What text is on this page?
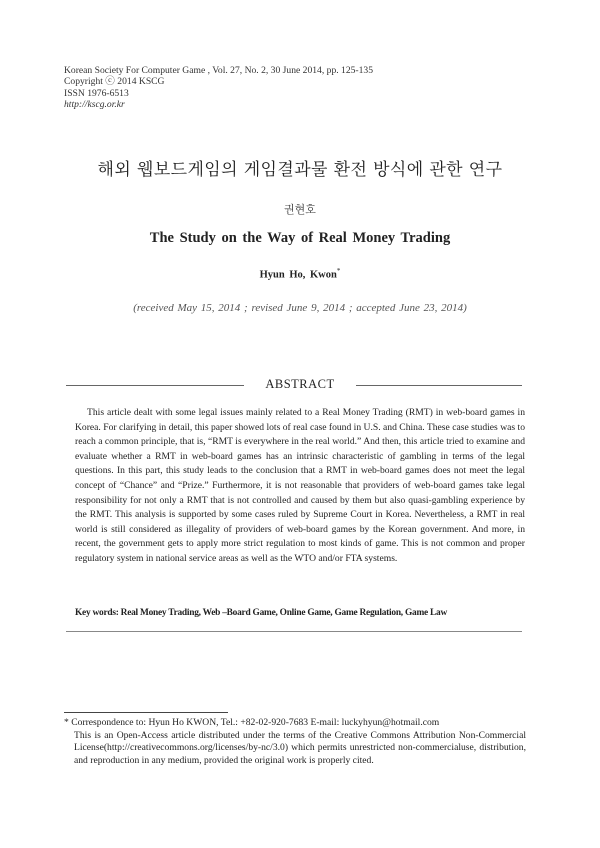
Korean Society For Computer Game , Vol. 27, No. 2, 30 June 2014, pp. 125-135
Copyright ⓒ 2014 KSCG
ISSN 1976-6513
http://kscg.or.kr
해외 웹보드게임의 게임결과물 환전 방식에 관한 연구
권현호
The Study on the Way of Real Money Trading
Hyun Ho, Kwon*
(received May 15, 2014 ; revised June 9, 2014 ; accepted June 23, 2014)
ABSTRACT

This article dealt with some legal issues mainly related to a Real Money Trading (RMT) in web-board games in Korea. For clarifying in detail, this paper showed lots of real case found in U.S. and China. These case studies was to reach a common principle, that is, “RMT is everywhere in the real world.” And then, this article tried to examine and evaluate whether a RMT in web-board games has an intrinsic characteristic of gambling in terms of the legal questions. In this part, this study leads to the conclusion that a RMT in web-board games does not meet the legal concept of “Chance” and “Prize.” Furthermore, it is not reasonable that providers of web-board games take legal responsibility for not only a RMT that is not controlled and caused by them but also quasi-gambling experience by the RMT. This analysis is supported by some cases ruled by Supreme Court in Korea. Nevertheless, a RMT in real world is still considered as illegality of providers of web-board games by the Korean government. And more, in recent, the government gets to apply more strict regulation to most kinds of game. This is not common and proper regulatory system in national service areas as well as the WTO and/or FTA systems.

Key words: Real Money Trading, Web –Board Game, Online Game, Game Regulation, Game Law
* Correspondence to: Hyun Ho KWON, Tel.: +82-02-920-7683 E-mail: luckyhyun@hotmail.com
This is an Open-Access article distributed under the terms of the Creative Commons Attribution Non-Commercial License(http://creativecommons.org/licenses/by-nc/3.0) which permits unrestricted non-commercialuse, distribution, and reproduction in any medium, provided the original work is properly cited.
